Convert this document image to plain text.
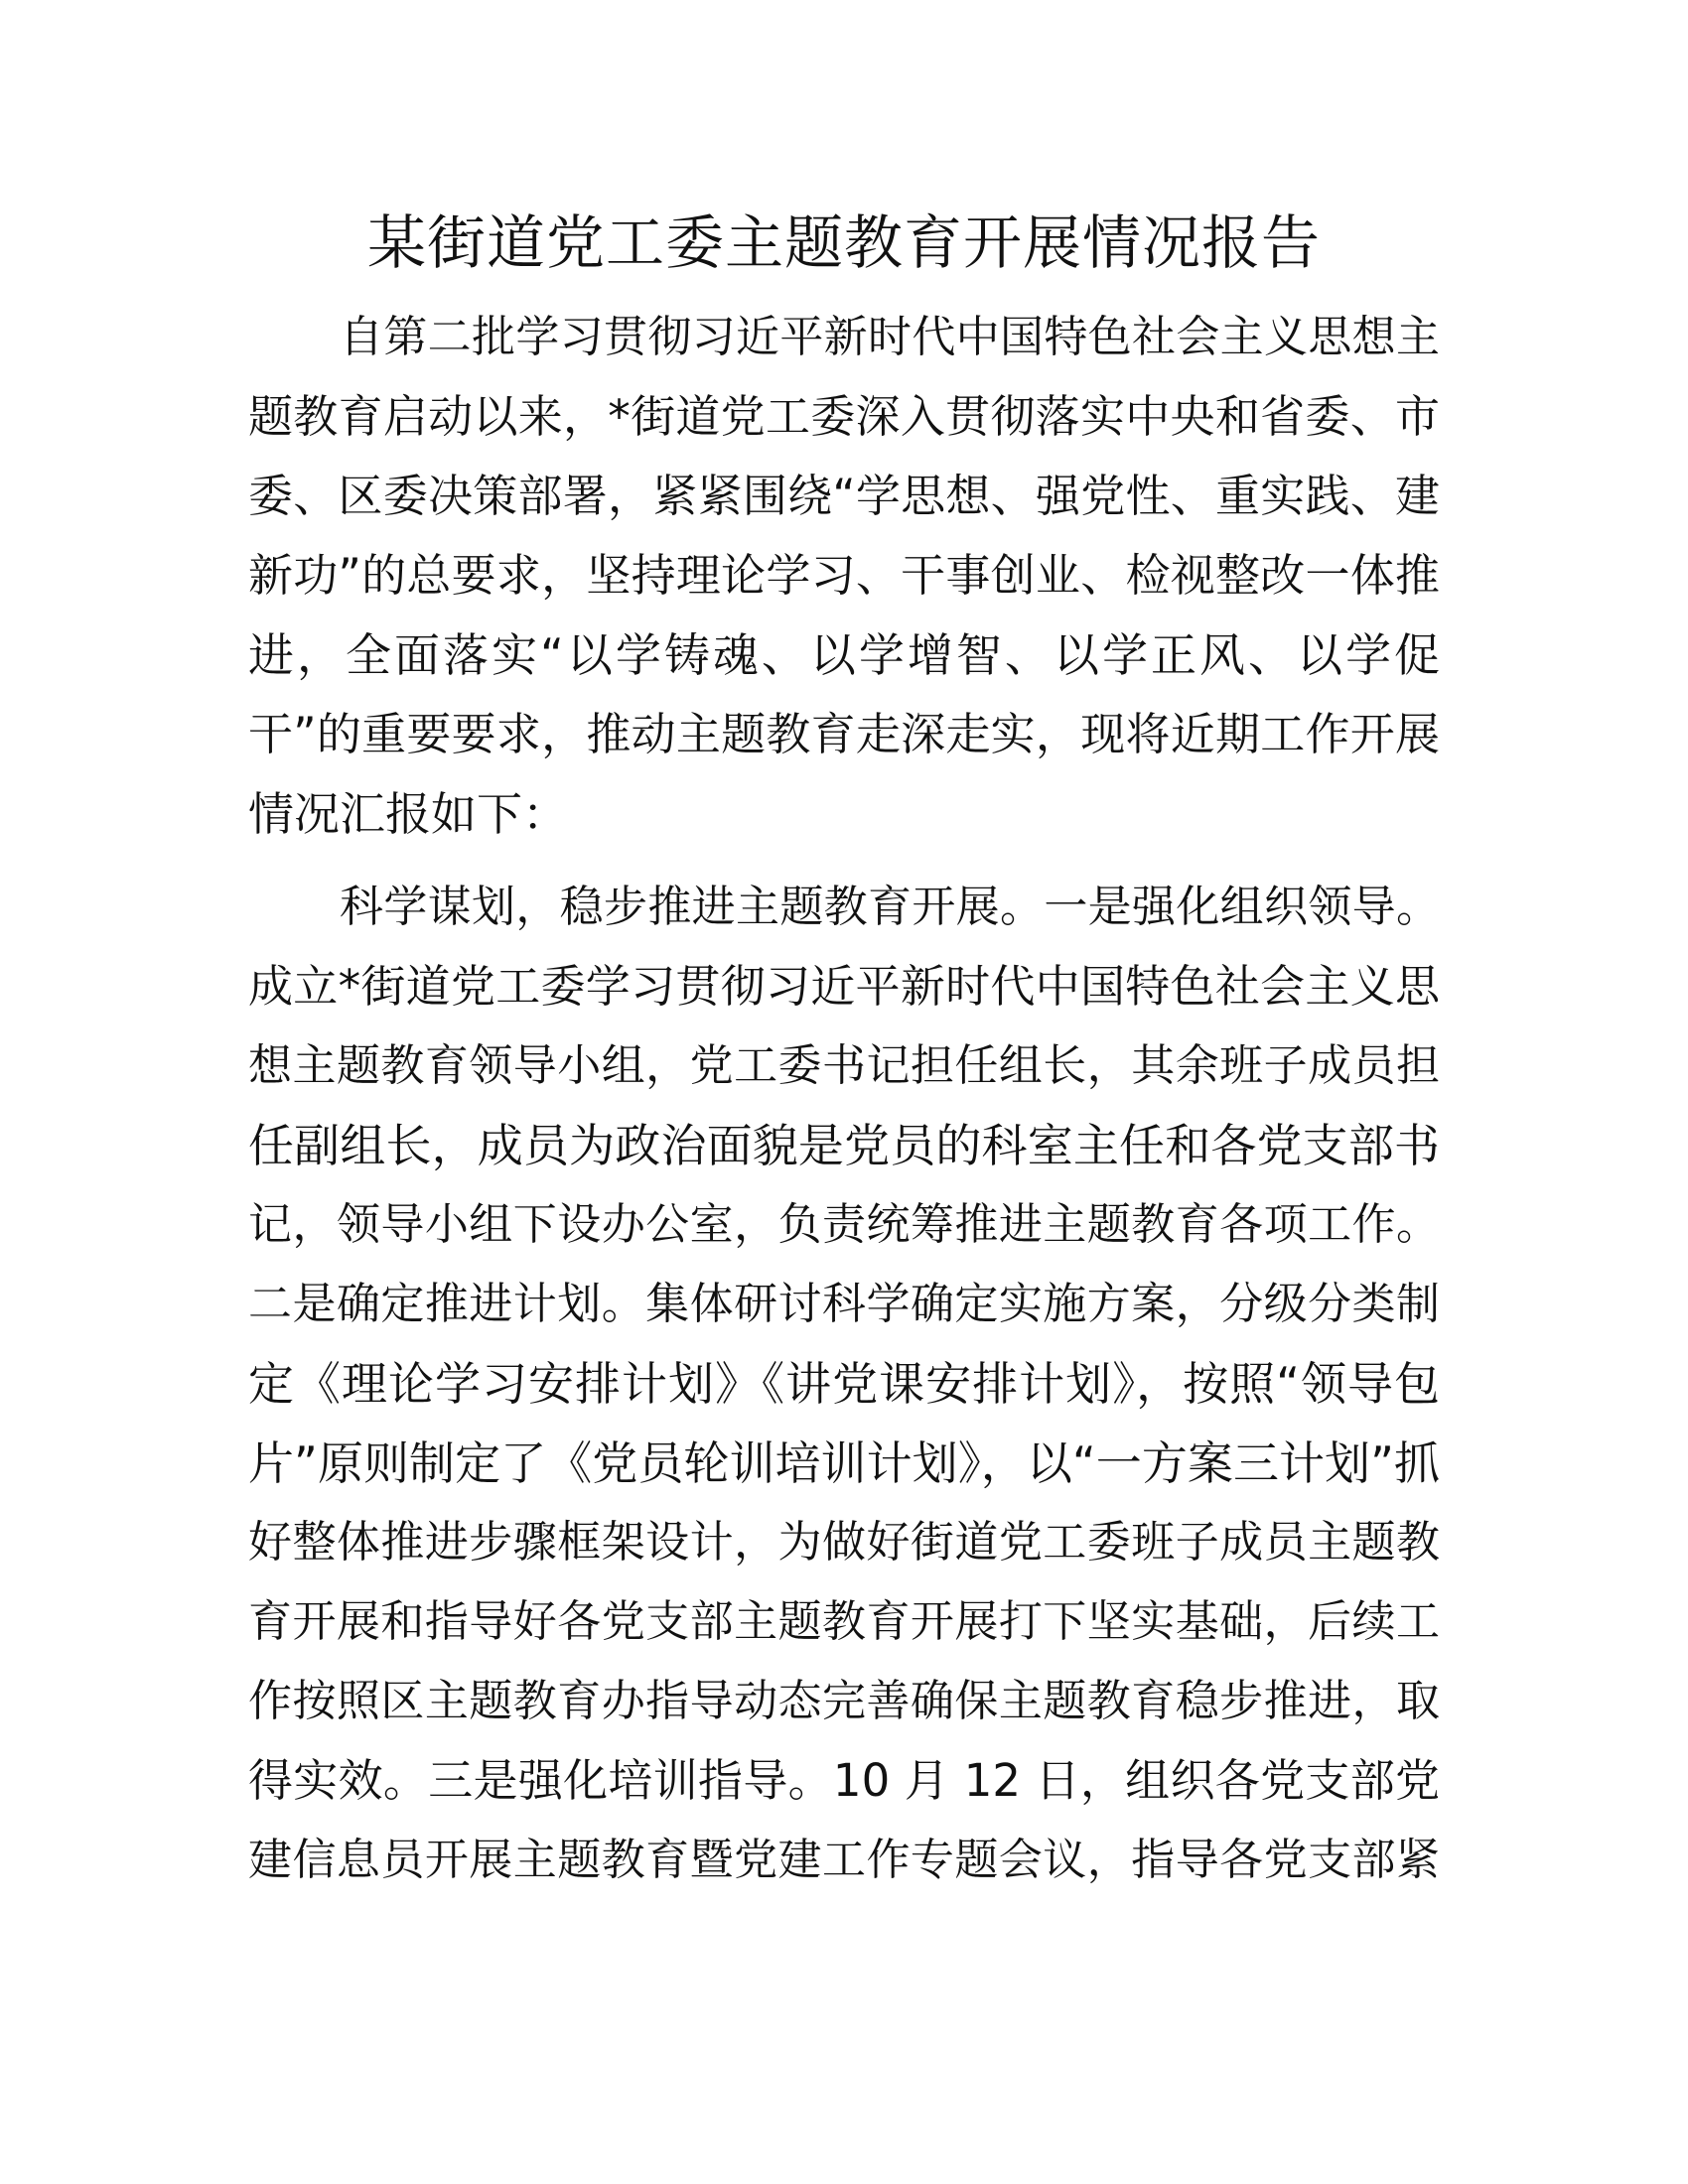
某街道党工委主题教育开展情况报告
自第二批学习贯彻习近平新时代中国特色社会主义思想主
题教育启动以来，*街道党工委深入贯彻落实中央和省委、市
委、区委决策部署，紧紧围绕“学思想、强党性、重实践、建
新功”的总要求，坚持理论学习、干事创业、检视整改一体推
进，全面落实“以学铸魂、以学增智、以学正风、以学促
干”的重要要求，推动主题教育走深走实，现将近期工作开展
情况汇报如下：
科学谋划，稳步推进主题教育开展。一是强化组织领导。
成立*街道党工委学习贯彻习近平新时代中国特色社会主义思
想主题教育领导小组，党工委书记担任组长，其余班子成员担
任副组长，成员为政治面貌是党员的科室主任和各党支部书
记，领导小组下设办公室，负责统筹推进主题教育各项工作。
二是确定推进计划。集体研讨科学确定实施方案，分级分类制
定《理论学习安排计划》《讲党课安排计划》，按照“领导包
片”原则制定了《党员轮训培训计划》，以“一方案三计划”抓
好整体推进步骤框架设计，为做好街道党工委班子成员主题教
育开展和指导好各党支部主题教育开展打下坚实基础，后续工
作按照区主题教育办指导动态完善确保主题教育稳步推进，取
得实效。三是强化培训指导。10 月 12 日，组织各党支部党
建信息员开展主题教育暨党建工作专题会议，指导各党支部紧
